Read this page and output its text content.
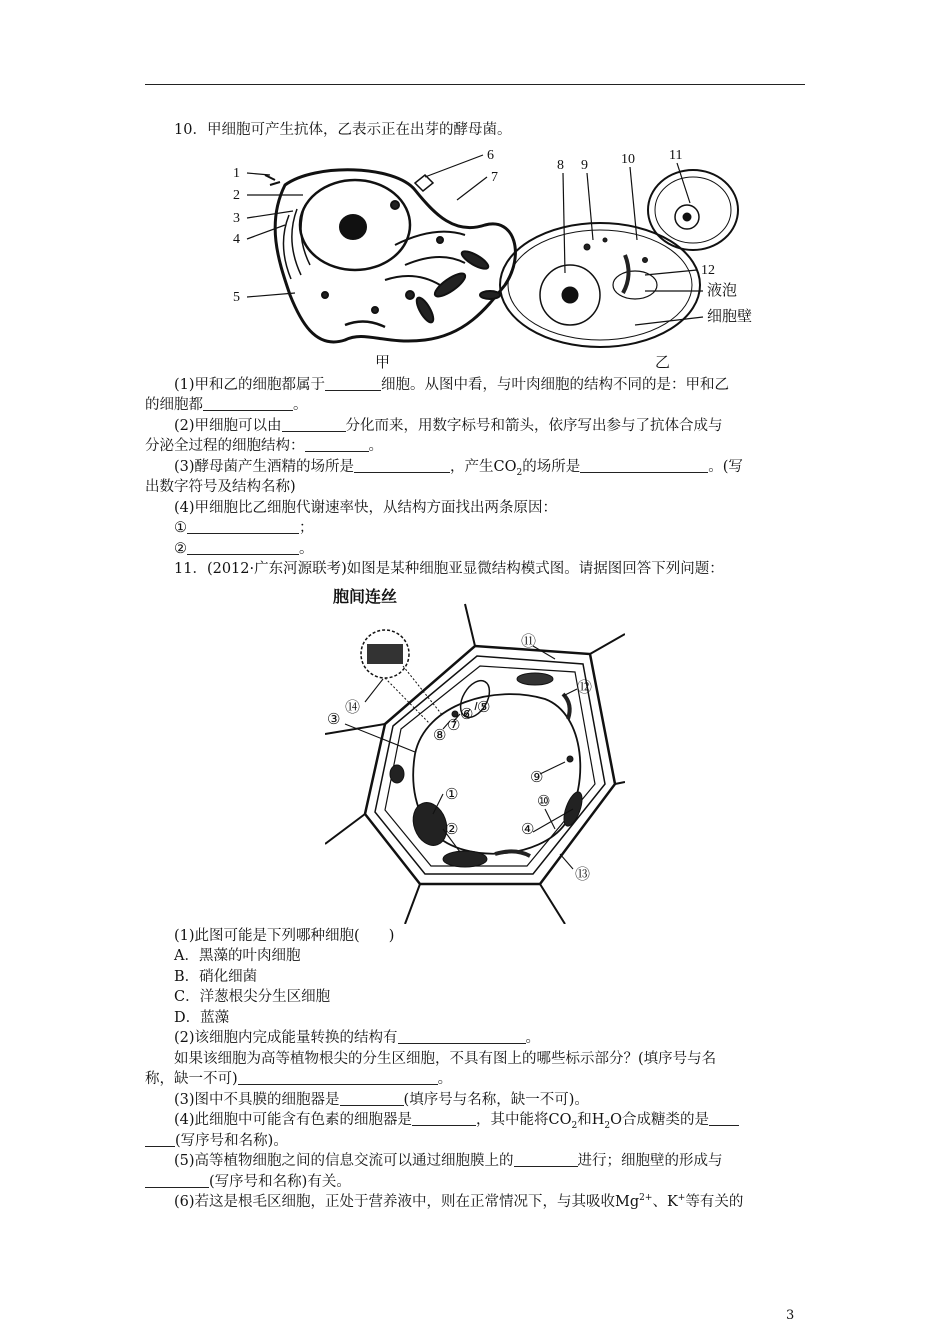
10．甲细胞可产生抗体，乙表示正在出芽的酵母菌。

1
2
3
4
5
6
7
甲
8 9 10 11
12
液泡
细胞壁
乙

(1)甲和乙的细胞都属于	细胞。从图中看，与叶肉细胞的结构不同的是：甲和乙

的细胞都	。

(2)甲细胞可以由	分化而来，用数字标号和箭头，依序写出参与了抗体合成与

分泌全过程的细胞结构：	。

(3)酵母菌产生酒精的场所是	，产生$CO_2$的场所是	。(写

出数字符号及结构名称)

(4)甲细胞比乙细胞代谢速率快，从结构方面找出两条原因：

①	；

②	。

11．(2012·广东河源联考)如图是某种细胞亚显微结构模式图。请据图回答下列问题：

①
②
③
④
⑤
⑥
⑦
⑧
⑨
⑩
⑪
⑫
⑬
⑭
胞间连丝

(1)此图可能是下列哪种细胞(　　)

A．黑藻的叶肉细胞

B．硝化细菌

C．洋葱根尖分生区细胞

D．蓝藻

(2)该细胞内完成能量转换的结构有	。

如果该细胞为高等植物根尖的分生区细胞，不具有图上的哪些标示部分？(填序号与名

称，缺一不可)	。

(3)图中不具膜的细胞器是	(填序号与名称，缺一不可)。

(4)此细胞中可能含有色素的细胞器是	，其中能将$CO_2$和$H_2O$合成糖类的是

(写序号和名称)。

(5)高等植物细胞之间的信息交流可以通过细胞膜上的	进行；细胞壁的形成与

(写序号和名称)有关。

(6)若这是根毛区细胞，正处于营养液中，则在正常情况下，与其吸收$Mg^{2+}$、K+等有关的

3
